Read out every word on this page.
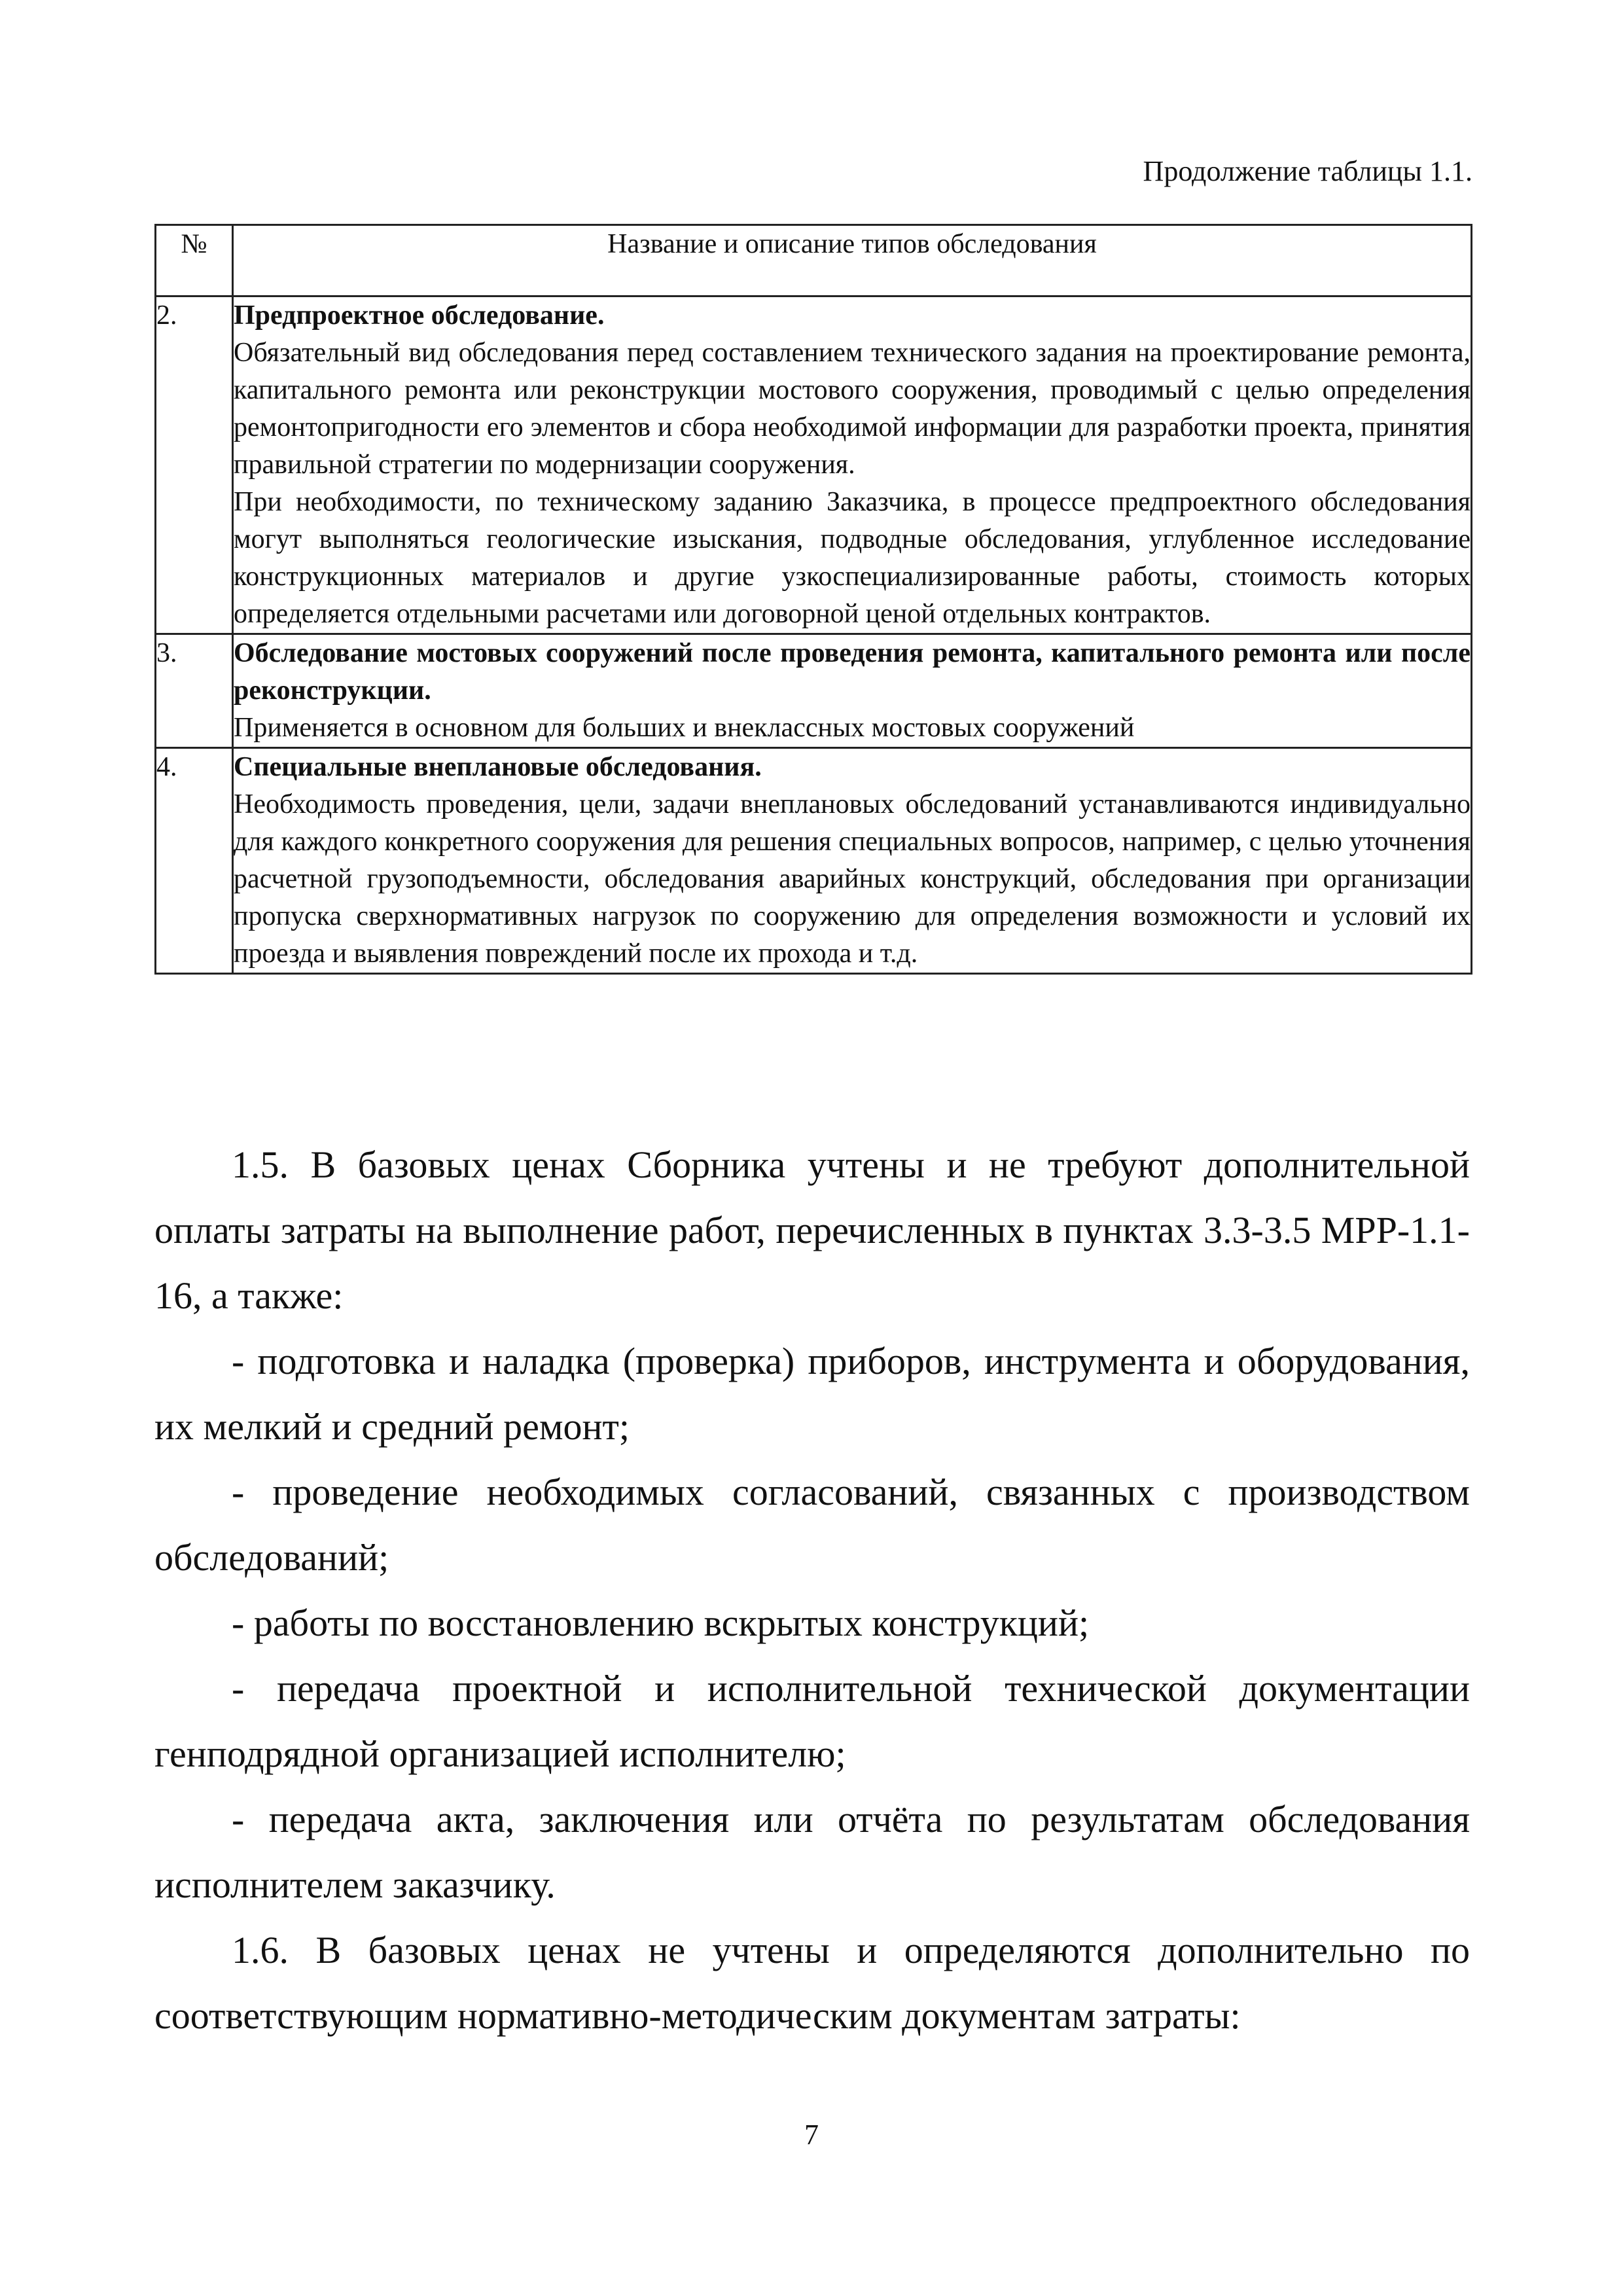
Продолжение таблицы 1.1.
№	Название и описание типов обследования
2.	Предпроектное обследование.
Обязательный вид обследования перед составлением технического задания на проектирование ремонта, капитального ремонта или реконструкции мостового сооружения, проводимый с целью определения ремонтопригодности его элементов и сбора необходимой информации для разработки проекта, принятия правильной стратегии по модернизации сооружения.
При необходимости, по техническому заданию Заказчика, в процессе предпроектного обследования могут выполняться геологические изыскания, подводные обследования, углубленное исследование конструкционных материалов и другие узкоспециализированные работы, стоимость которых определяется отдельными расчетами или договорной ценой отдельных контрактов.

3.	Обследование мостовых сооружений после проведения ремонта, капитального ремонта или после реконструкции.
Применяется в основном для больших и внеклассных мостовых сооружений

4.	Специальные внеплановые обследования.
Необходимость проведения, цели, задачи внеплановых обследований устанавливаются индивидуально для каждого конкретного сооружения для решения специальных вопросов, например, с целью уточнения расчетной грузоподъемности, обследования аварийных конструкций, обследования при организации пропуска сверхнормативных нагрузок по сооружению для определения возможности и условий их проезда и выявления повреждений после их прохода и т.д.

1.5. В базовых ценах Сборника учтены и не требуют дополнительной оплаты затраты на выполнение работ, перечисленных в пунктах 3.3-3.5 МРР-1.1-16, а также:

- подготовка и наладка (проверка) приборов, инструмента и оборудования, их мелкий и средний ремонт;

- проведение необходимых согласований, связанных с производством обследований;

- работы по восстановлению вскрытых конструкций;

- передача проектной и исполнительной технической документации генподрядной организацией исполнителю;

- передача акта, заключения или отчёта по результатам обследования исполнителем заказчику.

1.6. В базовых ценах не учтены и определяются дополнительно по соответствующим нормативно-методическим документам затраты:

7
